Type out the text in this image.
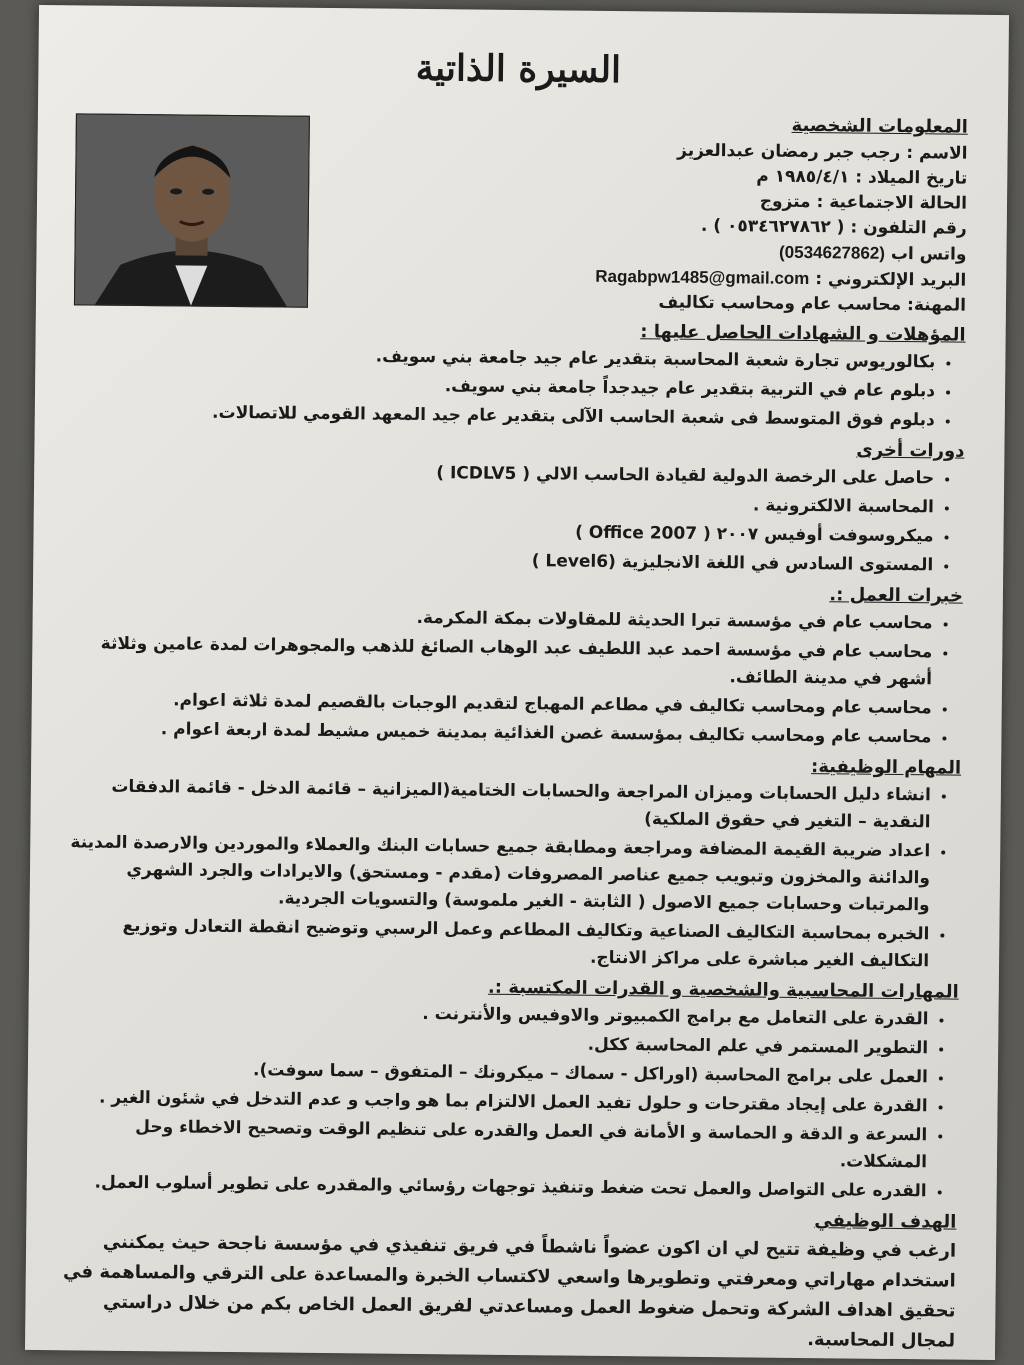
السيرة الذاتية
المعلومات الشخصية
الاسم : رجب جبر رمضان عبدالعزيز
تاريخ الميلاد : ١٩٨٥/٤/١ م
الحالة الاجتماعية : متزوج
رقم التلفون : ( ٠٥٣٤٦٢٧٨٦٢ ) .
واتس اب (0534627862)
البريد الإلكتروني : Ragabpw1485@gmail.com
المهنة: محاسب عام ومحاسب تكاليف
المؤهلات و الشهادات الحاصل عليها :
• بكالوريوس تجارة شعبة المحاسبة بتقدير عام جيد جامعة بني سويف.
• دبلوم عام في التربية بتقدير عام جيدجداً جامعة بني سويف.
• دبلوم فوق المتوسط فى شعبة الحاسب الآلى بتقدير عام جيد المعهد القومي للاتصالات.
دورات أخرى
• حاصل على الرخصة الدولية لقيادة الحاسب الالي ( ICDLV5 )
• المحاسبة الالكترونية .
• ميكروسوفت أوفيس ٢٠٠٧ ( Office 2007 )
• المستوى السادس في اللغة الانجليزية (Level6 )
خبرات العمل :.
• محاسب عام في مؤسسة تبرا الحديثة للمقاولات بمكة المكرمة.
• محاسب عام في مؤسسة احمد عبد اللطيف عبد الوهاب الصائغ للذهب والمجوهرات لمدة عامين وثلاثة أشهر في مدينة الطائف.
• محاسب عام ومحاسب تكاليف في مطاعم المهباج لتقديم الوجبات بالقصيم لمدة ثلاثة اعوام.
• محاسب عام ومحاسب تكاليف بمؤسسة غصن الغذائية بمدينة خميس مشيط لمدة اربعة اعوام .
المهام الوظيفية:
• انشاء دليل الحسابات وميزان المراجعة والحسابات الختامية(الميزانية – قائمة الدخل - قائمة الدفقات النقدية – التغير في حقوق الملكية)
• اعداد ضريبة القيمة المضافة ومراجعة ومطابقة جميع حسابات البنك والعملاء والموردين والارصدة المدينة والدائنة والمخزون وتبويب جميع عناصر المصروفات (مقدم - ومستحق) والايرادات والجرد الشهري والمرتبات وحسابات جميع الاصول ( الثابتة - الغير ملموسة) والتسويات الجردية.
• الخبره بمحاسبة التكاليف الصناعية وتكاليف المطاعم وعمل الرسبي وتوضيح انقطة التعادل وتوزيع التكاليف الغير مباشرة على مراكز الانتاج.
المهارات المحاسبية والشخصية و القدرات المكتسبة :.
• القدرة على التعامل مع برامج الكمبيوتر والاوفيس والأنترنت .
• التطوير المستمر في علم المحاسبة ككل.
• العمل على برامج المحاسبة (اوراكل - سماك – ميكرونك – المتفوق – سما سوفت).
• القدرة على إيجاد مقترحات و حلول تفيد العمل الالتزام بما هو واجب و عدم التدخل في شئون الغير .
• السرعة و الدقة و الحماسة و الأمانة في العمل والقدره على تنظيم الوقت وتصحيح الاخطاء وحل المشكلات.
• القدره على التواصل والعمل تحت ضغط وتنفيذ توجهات رؤسائي والمقدره على تطوير أسلوب العمل.
الهدف الوظيفي

ارغب في وظيفة تتيح لي ان اكون عضواً ناشطاً في فريق تنفيذي في مؤسسة ناجحة حيث يمكنني استخدام مهاراتي ومعرفتي وتطويرها واسعي لاكتساب الخبرة والمساعدة على الترقي والمساهمة في تحقيق اهداف الشركة وتحمل ضغوط العمل ومساعدتي لفريق العمل الخاص بكم من خلال دراستي لمجال المحاسبة.
